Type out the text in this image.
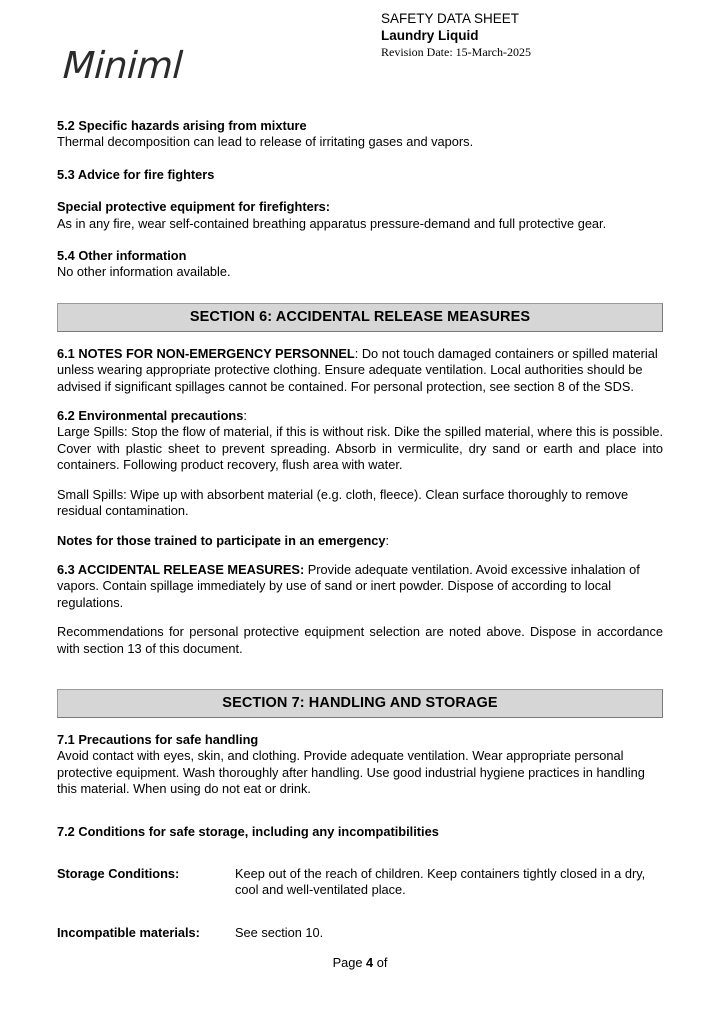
Miniml
SAFETY DATA SHEET
Laundry Liquid
Revision Date: 15-March-2025
5.2 Specific hazards arising from mixture

Thermal decomposition can lead to release of irritating gases and vapors.

5.3 Advice for fire fighters
Special protective equipment for firefighters:

As in any fire, wear self-contained breathing apparatus pressure-demand and full protective gear.

5.4 Other information

No other information available.

SECTION 6: ACCIDENTAL RELEASE MEASURES

6.1 NOTES FOR NON-EMERGENCY PERSONNEL: Do not touch damaged containers or spilled material unless wearing appropriate protective clothing. Ensure adequate ventilation. Local authorities should be advised if significant spillages cannot be contained. For personal protection, see section 8 of the SDS.

6.2 Environmental precautions:

Large Spills: Stop the flow of material, if this is without risk. Dike the spilled material, where this is possible. Cover with plastic sheet to prevent spreading. Absorb in vermiculite, dry sand or earth and place into containers. Following product recovery, flush area with water.

Small Spills: Wipe up with absorbent material (e.g. cloth, fleece). Clean surface thoroughly to remove residual contamination.

Notes for those trained to participate in an emergency:

6.3 ACCIDENTAL RELEASE MEASURES: Provide adequate ventilation. Avoid excessive inhalation of vapors. Contain spillage immediately by use of sand or inert powder. Dispose of according to local regulations.

Recommendations for personal protective equipment selection are noted above. Dispose in accordance with section 13 of this document.

SECTION 7: HANDLING AND STORAGE
7.1 Precautions for safe handling

Avoid contact with eyes, skin, and clothing. Provide adequate ventilation. Wear appropriate personal protective equipment. Wash thoroughly after handling. Use good industrial hygiene practices in handling this material. When using do not eat or drink.

7.2 Conditions for safe storage, including any incompatibilities
Storage Conditions:	Keep out of the reach of children. Keep containers tightly closed in a dry, cool and well-ventilated place.
Incompatible materials:	See section 10.
Page 4 of
